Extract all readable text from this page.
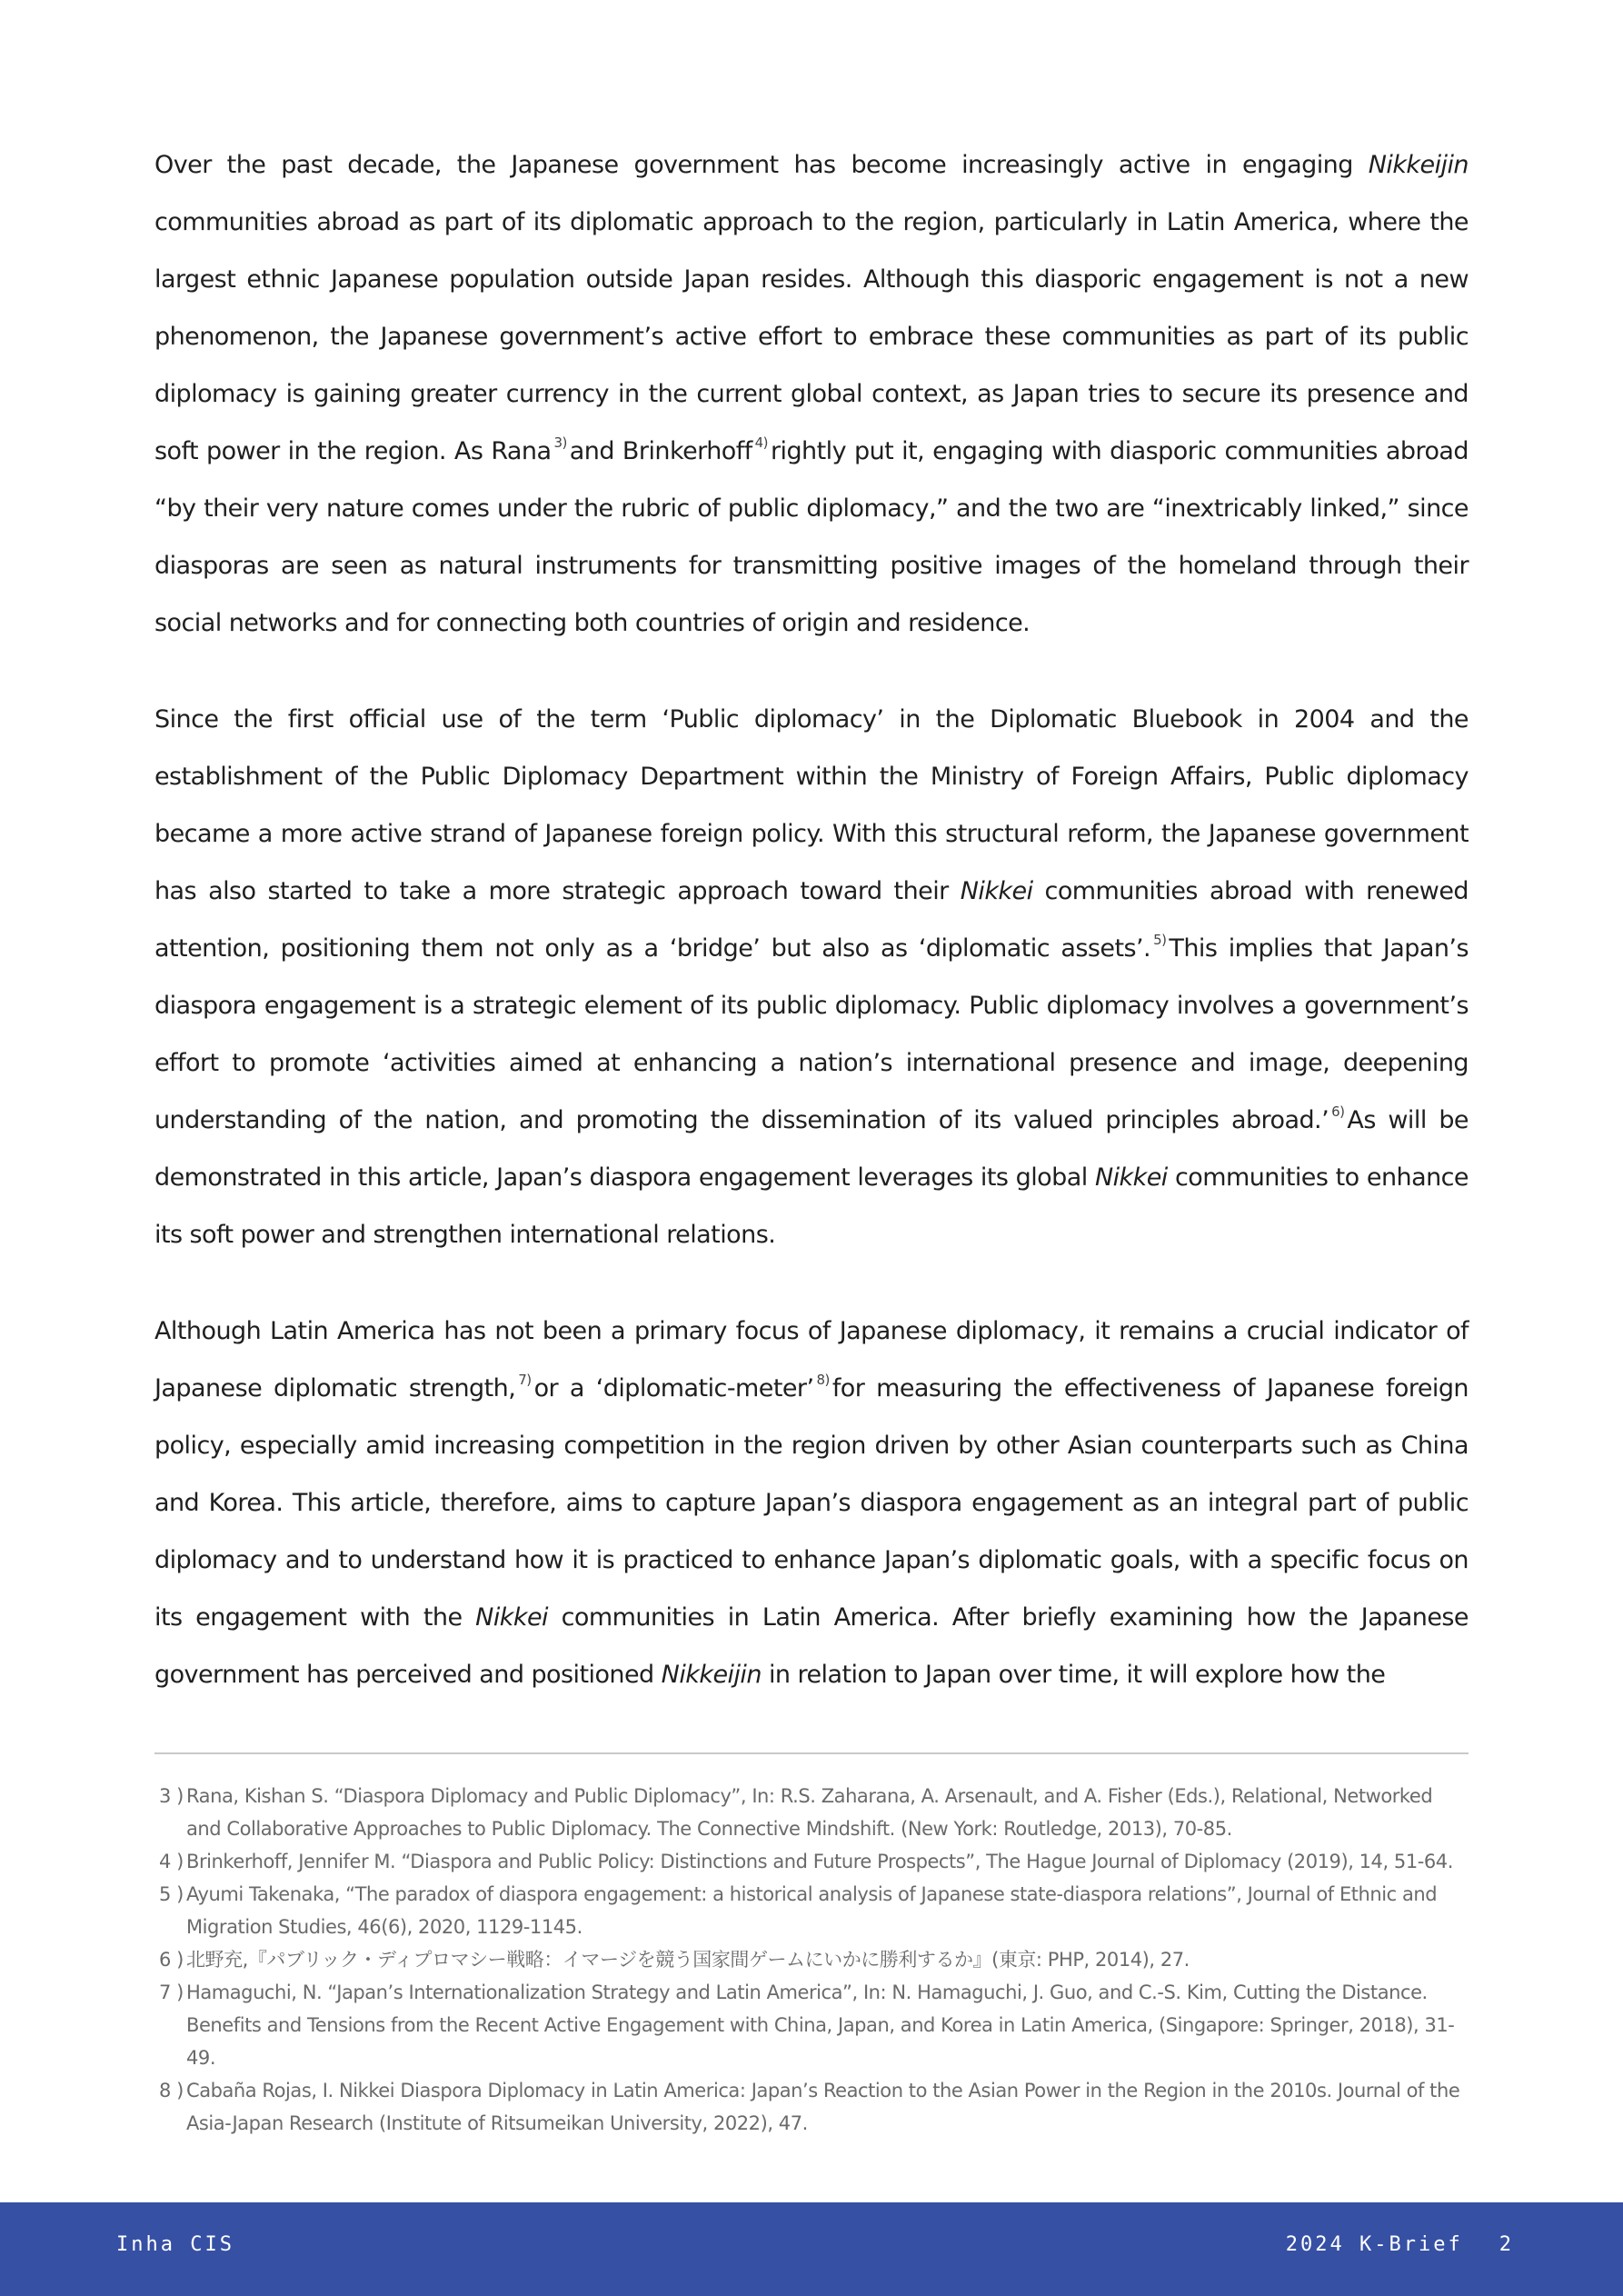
Over the past decade, the Japanese government has become increasingly active in engaging Nikkeijin communities abroad as part of its diplomatic approach to the region, particularly in Latin America, where the largest ethnic Japanese population outside Japan resides. Although this diasporic engagement is not a new phenomenon, the Japanese government’s active effort to embrace these communities as part of its public diplomacy is gaining greater currency in the current global context, as Japan tries to secure its presence and soft power in the region. As Rana $^{3)}$ and Brinkerhoff $^{4)}$ rightly put it, engaging with diasporic communities abroad “by their very nature comes under the rubric of public diplomacy,” and the two are “inextricably linked,” since diasporas are seen as natural instruments for transmitting positive images of the homeland through their social networks and for connecting both countries of origin and residence.

Since the first official use of the term ‘Public diplomacy’ in the Diplomatic Bluebook in 2004 and the establishment of the Public Diplomacy Department within the Ministry of Foreign Affairs, Public diplomacy became a more active strand of Japanese foreign policy. With this structural reform, the Japanese government has also started to take a more strategic approach toward their Nikkei communities abroad with renewed attention, positioning them not only as a ‘bridge’ but also as ‘diplomatic assets’. $^{5)}$ This implies that Japan’s diaspora engagement is a strategic element of its public diplomacy. Public diplomacy involves a government’s effort to promote ‘activities aimed at enhancing a nation’s international presence and image, deepening understanding of the nation, and promoting the dissemination of its valued principles abroad.’ $^{6)}$ As will be demonstrated in this article, Japan’s diaspora engagement leverages its global Nikkei communities to enhance its soft power and strengthen international relations.

Although Latin America has not been a primary focus of Japanese diplomacy, it remains a crucial indicator of Japanese diplomatic strength, $^{7)}$ or a ‘diplomatic-meter’ $^{8)}$ for measuring the effectiveness of Japanese foreign policy, especially amid increasing competition in the region driven by other Asian counterparts such as China and Korea. This article, therefore, aims to capture Japan’s diaspora engagement as an integral part of public diplomacy and to understand how it is practiced to enhance Japan’s diplomatic goals, with a specific focus on its engagement with the Nikkei communities in Latin America. After briefly examining how the Japanese government has perceived and positioned Nikkeijin in relation to Japan over time, it will explore how the

3 ) Rana, Kishan S. “Diaspora Diplomacy and Public Diplomacy”, In: R.S. Zaharana, A. Arsenault, and A. Fisher (Eds.), Relational, Networked and Collaborative Approaches to Public Diplomacy. The Connective Mindshift. (New York: Routledge, 2013), 70-85.
4 ) Brinkerhoff, Jennifer M. “Diaspora and Public Policy: Distinctions and Future Prospects”, The Hague Journal of Diplomacy (2019), 14, 51-64.
5 ) Ayumi Takenaka, “The paradox of diaspora engagement: a historical analysis of Japanese state-diaspora relations”, Journal of Ethnic and Migration Studies, 46(6), 2020, 1129-1145.
6 ) 北野充,『パブリック・ディプロマシー戦略：イマージを競う国家間ゲームにいかに勝利するか』(東京: PHP, 2014), 27.
7 ) Hamaguchi, N. “Japan’s Internationalization Strategy and Latin America”, In: N. Hamaguchi, J. Guo, and C.-S. Kim, Cutting the Distance. Benefits and Tensions from the Recent Active Engagement with China, Japan, and Korea in Latin America, (Singapore: Springer, 2018), 31-49.
8 ) Cabaña Rojas, I. Nikkei Diaspora Diplomacy in Latin America: Japan’s Reaction to the Asian Power in the Region in the 2010s. Journal of the Asia-Japan Research (Institute of Ritsumeikan University, 2022), 47.
Inha CIS	2024 K-Brief 2
